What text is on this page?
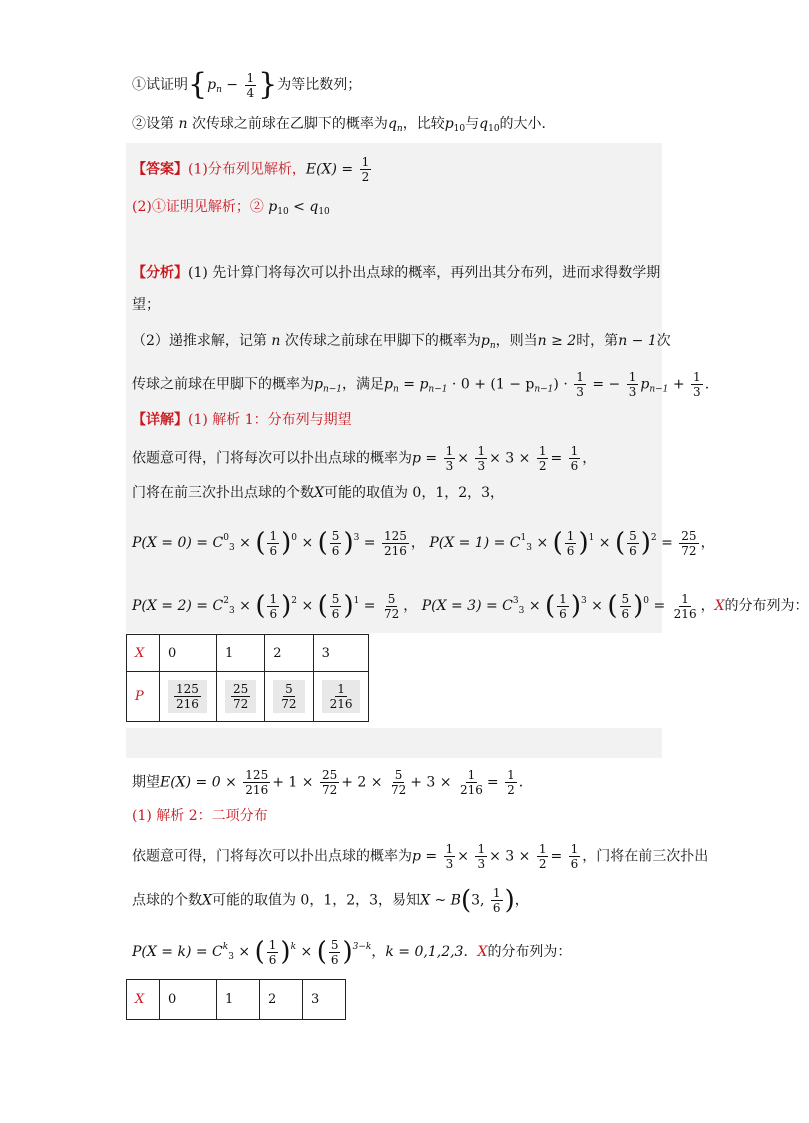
①试证明{$p_n - \frac{1}{4}$ }为等比数列；
②设第 n 次传球之前球在乙脚下的概率为$q_n$，比较$p_{10}$与$q_{10}$的大小．
【答案】(1)分布列见解析，$E(X) = \frac{1}{2}$
(2)①证明见解析；② $p_{10} < q_{10}$
【分析】(1) 先计算门将每次可以扑出点球的概率，再列出其分布列，进而求得数学期
望；
（2）递推求解，记第 n 次传球之前球在甲脚下的概率为$p_n$，则当n ≥ 2时，第n − 1次
传球之前球在甲脚下的概率为$p_{n-1}$，满足$p_n = p_{n-1} \cdot 0 + (1 - p_{n-1}) \cdot \frac{1}{3}$ = − $\frac{1}{3} p_{n-1} + \frac{1}{3}$ .
【详解】(1) 解析 1：分布列与期望
依题意可得，门将每次可以扑出点球的概率为$p = \frac{1}{3} \times \frac{1}{3} \times 3 \times \frac{1}{2} = \frac{1}{6}$ ，
门将在前三次扑出点球的个数X可能的取值为 0，1，2，3，
$P(X = 0) = C^0_3$ × ( $\frac{1}{6} )^0$ × ( $\frac{5}{6} )^3 = \frac{125}{216}$ ， $P(X = 1) = C^1_3$ × ( $\frac{1}{6} )^1$ × ( $\frac{5}{6} )^2 = \frac{25}{72}$ ，
$P(X = 2) = C^2_3$ × ( $\frac{1}{6} )^2$ × ( $\frac{5}{6} )^1 = \frac{5}{72}$ ， $P(X = 3) = C^3_3$ × ( $\frac{1}{6} )^3$ × ( $\frac{5}{6} )^0 = \frac{1}{216}$ ，X的分布列为：
X	0	1	2	3
P	$\frac{125}{216}$	$\frac{25}{72}$	$\frac{5}{72}$	$\frac{1}{216}$
期望$E(X) = 0 \times \frac{125}{216} + 1 \times \frac{25}{72} + 2 \times \frac{5}{72} + 3 \times \frac{1}{216} = \frac{1}{2}$ ．
(1) 解析 2：二项分布
依题意可得，门将每次可以扑出点球的概率为$p = \frac{1}{3} \times \frac{1}{3} \times 3 \times \frac{1}{2} = \frac{1}{6}$ ，门将在前三次扑出
点球的个数X可能的取值为 0，1，2，3，易知X ~ B(3, $\frac{1}{6}$ )，
$P(X = k) = C^k_3$ × ( $\frac{1}{6} )^k$ × ( $\frac{5}{6} )^{3-k}$，k = 0,1,2,3．X的分布列为：
X	0	1	2	3
